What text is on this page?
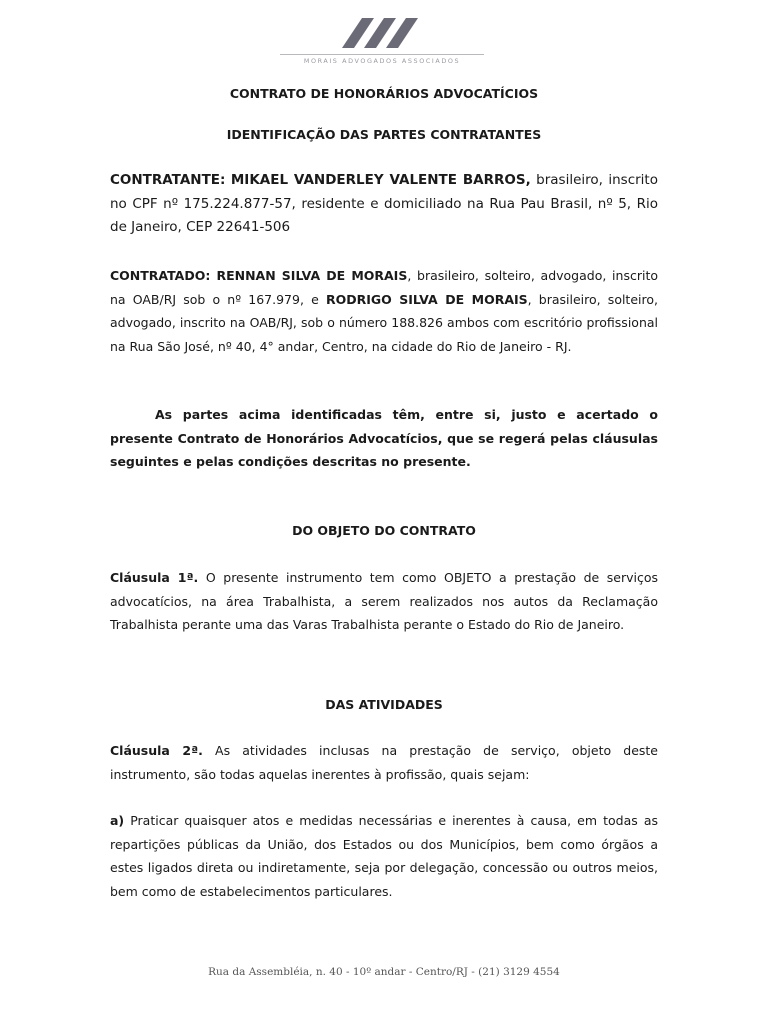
MORAIS ADVOGADOS ASSOCIADOS

CONTRATO DE HONORÁRIOS ADVOCATÍCIOS

IDENTIFICAÇÃO DAS PARTES CONTRATANTES

CONTRATANTE: MIKAEL VANDERLEY VALENTE BARROS, brasileiro, inscrito no CPF nº 175.224.877-57, residente e domiciliado na Rua Pau Brasil, nº 5, Rio de Janeiro, CEP 22641-506

CONTRATADO: RENNAN SILVA DE MORAIS, brasileiro, solteiro, advogado, inscrito na OAB/RJ sob o nº 167.979, e RODRIGO SILVA DE MORAIS, brasileiro, solteiro, advogado, inscrito na OAB/RJ, sob o número 188.826 ambos com escritório profissional na Rua São José, nº 40, 4° andar, Centro, na cidade do Rio de Janeiro - RJ.

As partes acima identificadas têm, entre si, justo e acertado o presente Contrato de Honorários Advocatícios, que se regerá pelas cláusulas seguintes e pelas condições descritas no presente.

DO OBJETO DO CONTRATO

Cláusula 1ª. O presente instrumento tem como OBJETO a prestação de serviços advocatícios, na área Trabalhista, a serem realizados nos autos da Reclamação Trabalhista perante uma das Varas Trabalhista perante o Estado do Rio de Janeiro.

DAS ATIVIDADES

Cláusula 2ª. As atividades inclusas na prestação de serviço, objeto deste instrumento, são todas aquelas inerentes à profissão, quais sejam:

a) Praticar quaisquer atos e medidas necessárias e inerentes à causa, em todas as repartições públicas da União, dos Estados ou dos Municípios, bem como órgãos a estes ligados direta ou indiretamente, seja por delegação, concessão ou outros meios, bem como de estabelecimentos particulares.

Rua da Assembléia, n. 40 - 10º andar - Centro/RJ - (21) 3129 4554
